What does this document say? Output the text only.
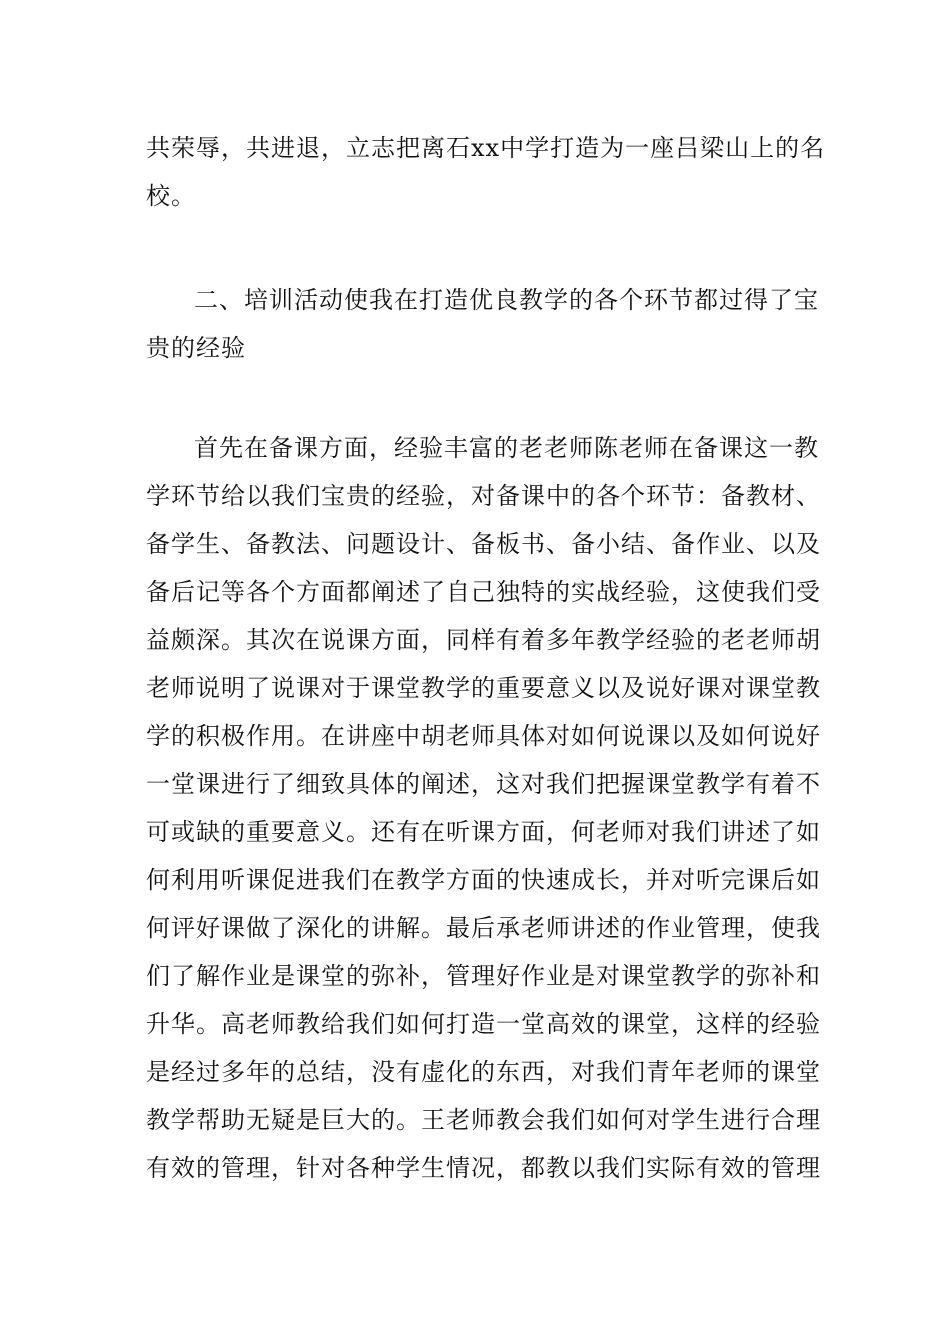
共荣辱，共进退，立志把离石xx中学打造为一座吕梁山上的名
校。
二、培训活动使我在打造优良教学的各个环节都过得了宝
贵的经验
首先在备课方面，经验丰富的老老师陈老师在备课这一教
学环节给以我们宝贵的经验，对备课中的各个环节：备教材、
备学生、备教法、问题设计、备板书、备小结、备作业、以及
备后记等各个方面都阐述了自己独特的实战经验，这使我们受
益颇深。其次在说课方面，同样有着多年教学经验的老老师胡
老师说明了说课对于课堂教学的重要意义以及说好课对课堂教
学的积极作用。在讲座中胡老师具体对如何说课以及如何说好
一堂课进行了细致具体的阐述，这对我们把握课堂教学有着不
可或缺的重要意义。还有在听课方面，何老师对我们讲述了如
何利用听课促进我们在教学方面的快速成长，并对听完课后如
何评好课做了深化的讲解。最后承老师讲述的作业管理，使我
们了解作业是课堂的弥补，管理好作业是对课堂教学的弥补和
升华。高老师教给我们如何打造一堂高效的课堂，这样的经验
是经过多年的总结，没有虚化的东西，对我们青年老师的课堂
教学帮助无疑是巨大的。王老师教会我们如何对学生进行合理
有效的管理，针对各种学生情况，都教以我们实际有效的管理
